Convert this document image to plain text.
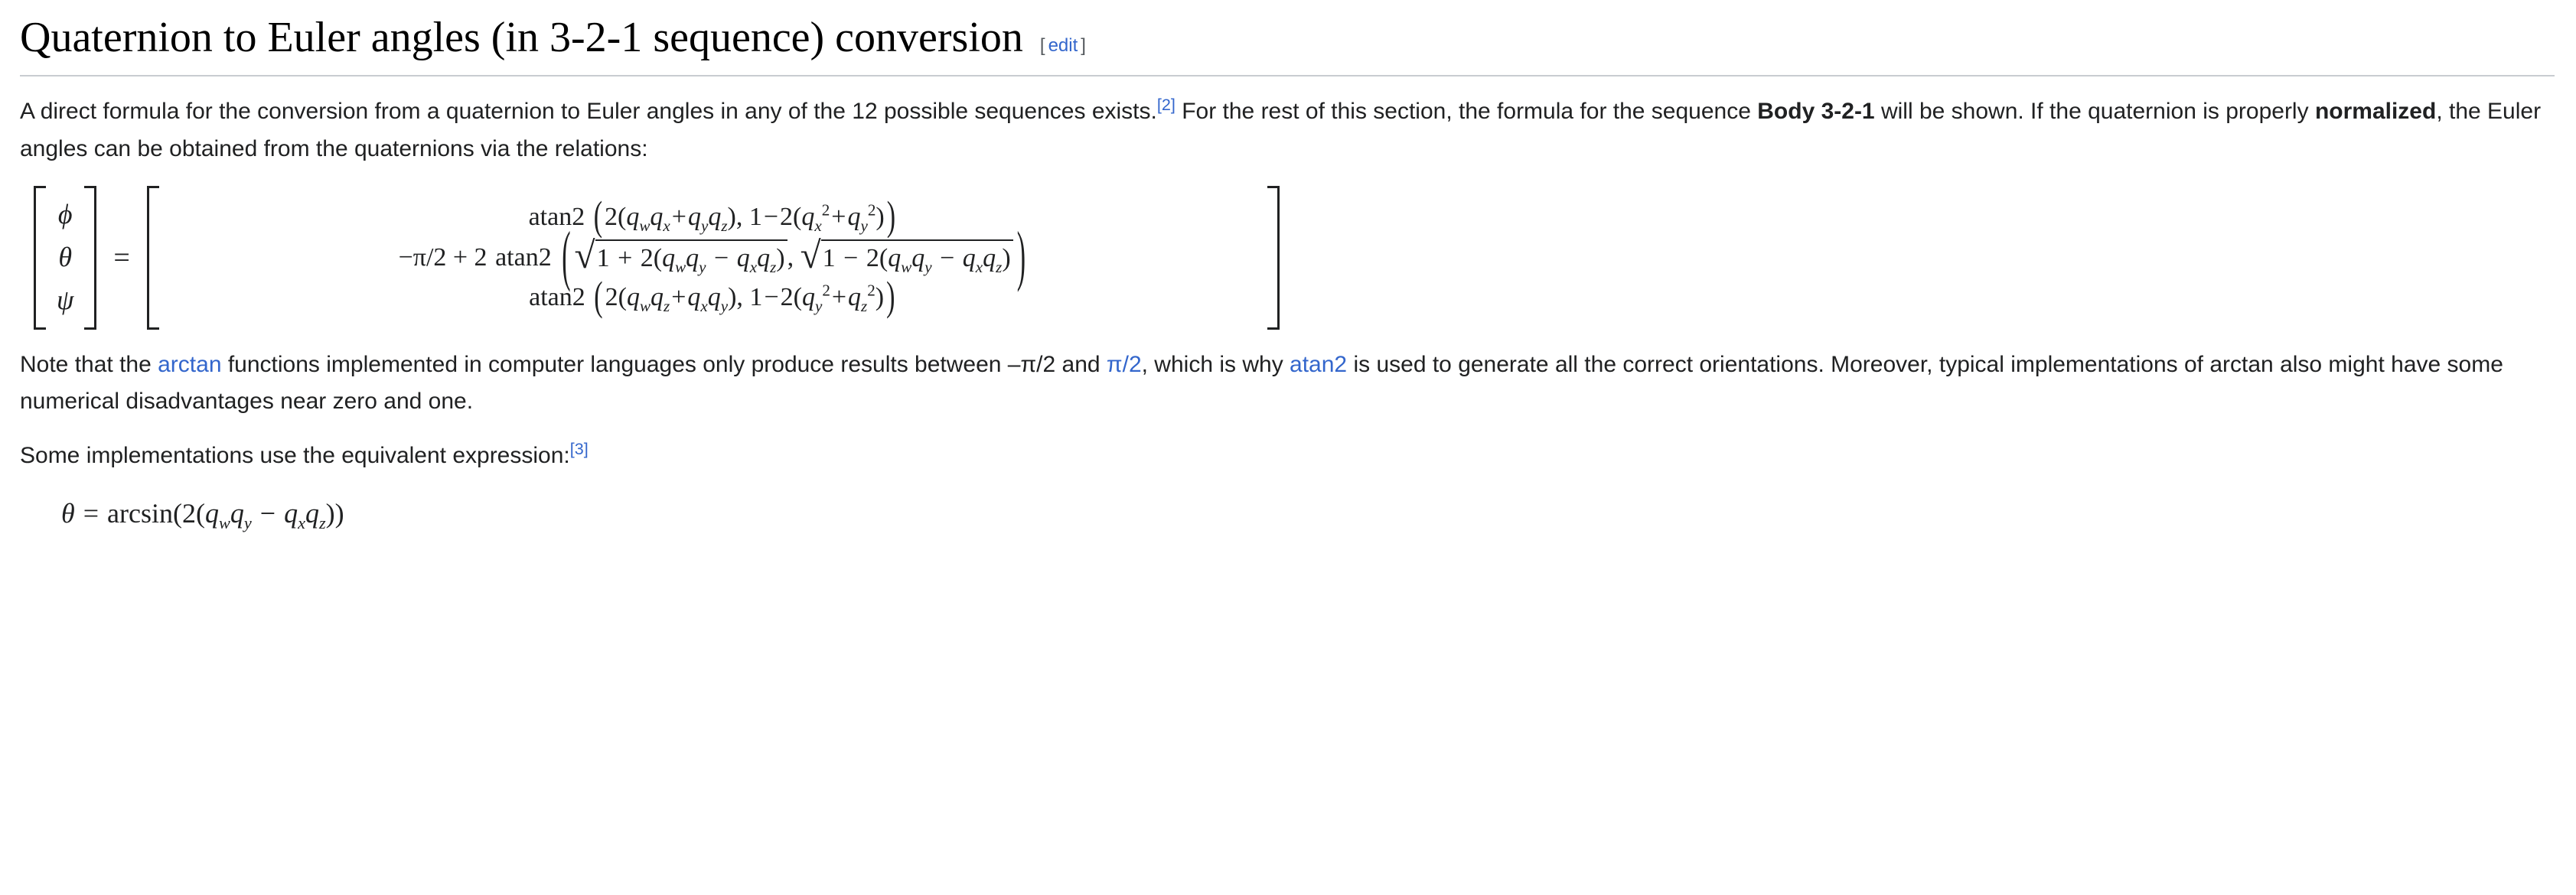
Quaternion to Euler angles (in 3-2-1 sequence) conversion [ edit ]

A direct formula for the conversion from a quaternion to Euler angles in any of the 12 possible sequences exists.[2] For the rest of this section, the formula for the sequence Body 3-2-1 will be shown. If the quaternion is properly normalized, the Euler angles can be obtained from the quaternions via the relations:

ϕ
θ
ψ
=
atan2
( 2( $q_w$ $q_x + q_y$ $q_z$ ), 1 − 2( $q_x^2 + q_y^2$ ) )
−π/2 + 2
atan2
( √ $1 + 2(q_wq_y - q_xq_z)$ , √ $1 - 2(q_wq_y - q_xq_z)$ )
atan2
( 2( $q_w$ $q_z + q_x$ $q_y$ ), 1 − 2( $q_y^2 + q_z^2$ ) )

Note that the arctan functions implemented in computer languages only produce results between –π/2 and π/2, which is why atan2 is used to generate all the correct orientations. Moreover, typical implementations of arctan also might have some numerical disadvantages near zero and one.

Some implementations use the equivalent expression:[3]

$\theta = \arcsin(2(q_wq_y - q_xq_z))$
